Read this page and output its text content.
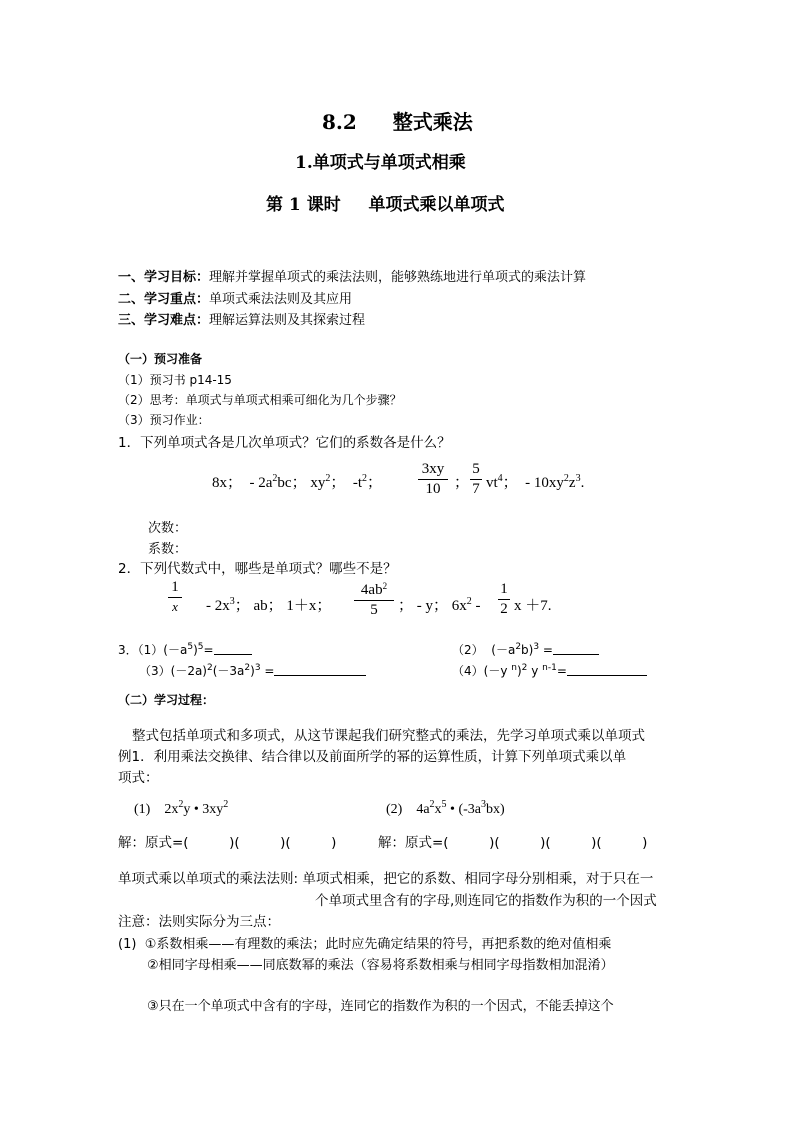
8.2 整式乘法
1.单项式与单项式相乘
第 1 课时 单项式乘以单项式
一、学习目标：理解并掌握单项式的乘法法则，能够熟练地进行单项式的乘法计算
二、学习重点：单项式乘法法则及其应用
三、学习难点：理解运算法则及其探索过程
（一）预习准备
（1）预习书 p14-15
（2）思考：单项式与单项式相乘可细化为几个步骤？
（3）预习作业：
1．下列单项式各是几次单项式？它们的系数各是什么？
8x；  - $2a^2bc$； $xy^2$；  $-t^2$；
3xy
10 ；
5
7 $vt^4$；  - $10xy^2z^3$.
次数：
系数：
2．下列代数式中，哪些是单项式？哪些不是？
1
x - $2x^3$； ab； 1＋x；
$4ab^2$
5	； - y； $6x^2$ -
1
2 x ＋7.
3．$(1)(-a^5)^5=$	（2）  $(-a^2b)^3$ =
$(3)(-2a)^2(-3a^2)^3$ =	（4）(－y $^n$)$^2$ y $^{n-1}$=
（二）学习过程：
整式包括单项式和多项式，从这节课起我们研究整式的乘法，先学习单项式乘以单项式
例1．利用乘法交换律、结合律以及前面所学的幂的运算性质，计算下列单项式乘以单
项式：
(1)    $2x^2y$ • $3xy^2$	(2)    $4a^2x^5$ • $(-3a^3bx)$
解：原式=(　　　)(　　　)(　　　)	解：原式=(　　　)(　　　)(　　　)(　　　)
单项式乘以单项式的乘法法则: 单项式相乘，把它的系数、相同字母分别相乘，对于只在一
个单项式里含有的字母,则连同它的指数作为积的一个因式
注意：法则实际分为三点：
(1) ①系数相乘——有理数的乘法；此时应先确定结果的符号，再把系数的绝对值相乘
②相同字母相乘——同底数幂的乘法（容易将系数相乘与相同字母指数相加混淆）
③只在一个单项式中含有的字母，连同它的指数作为积的一个因式，不能丢掉这个
